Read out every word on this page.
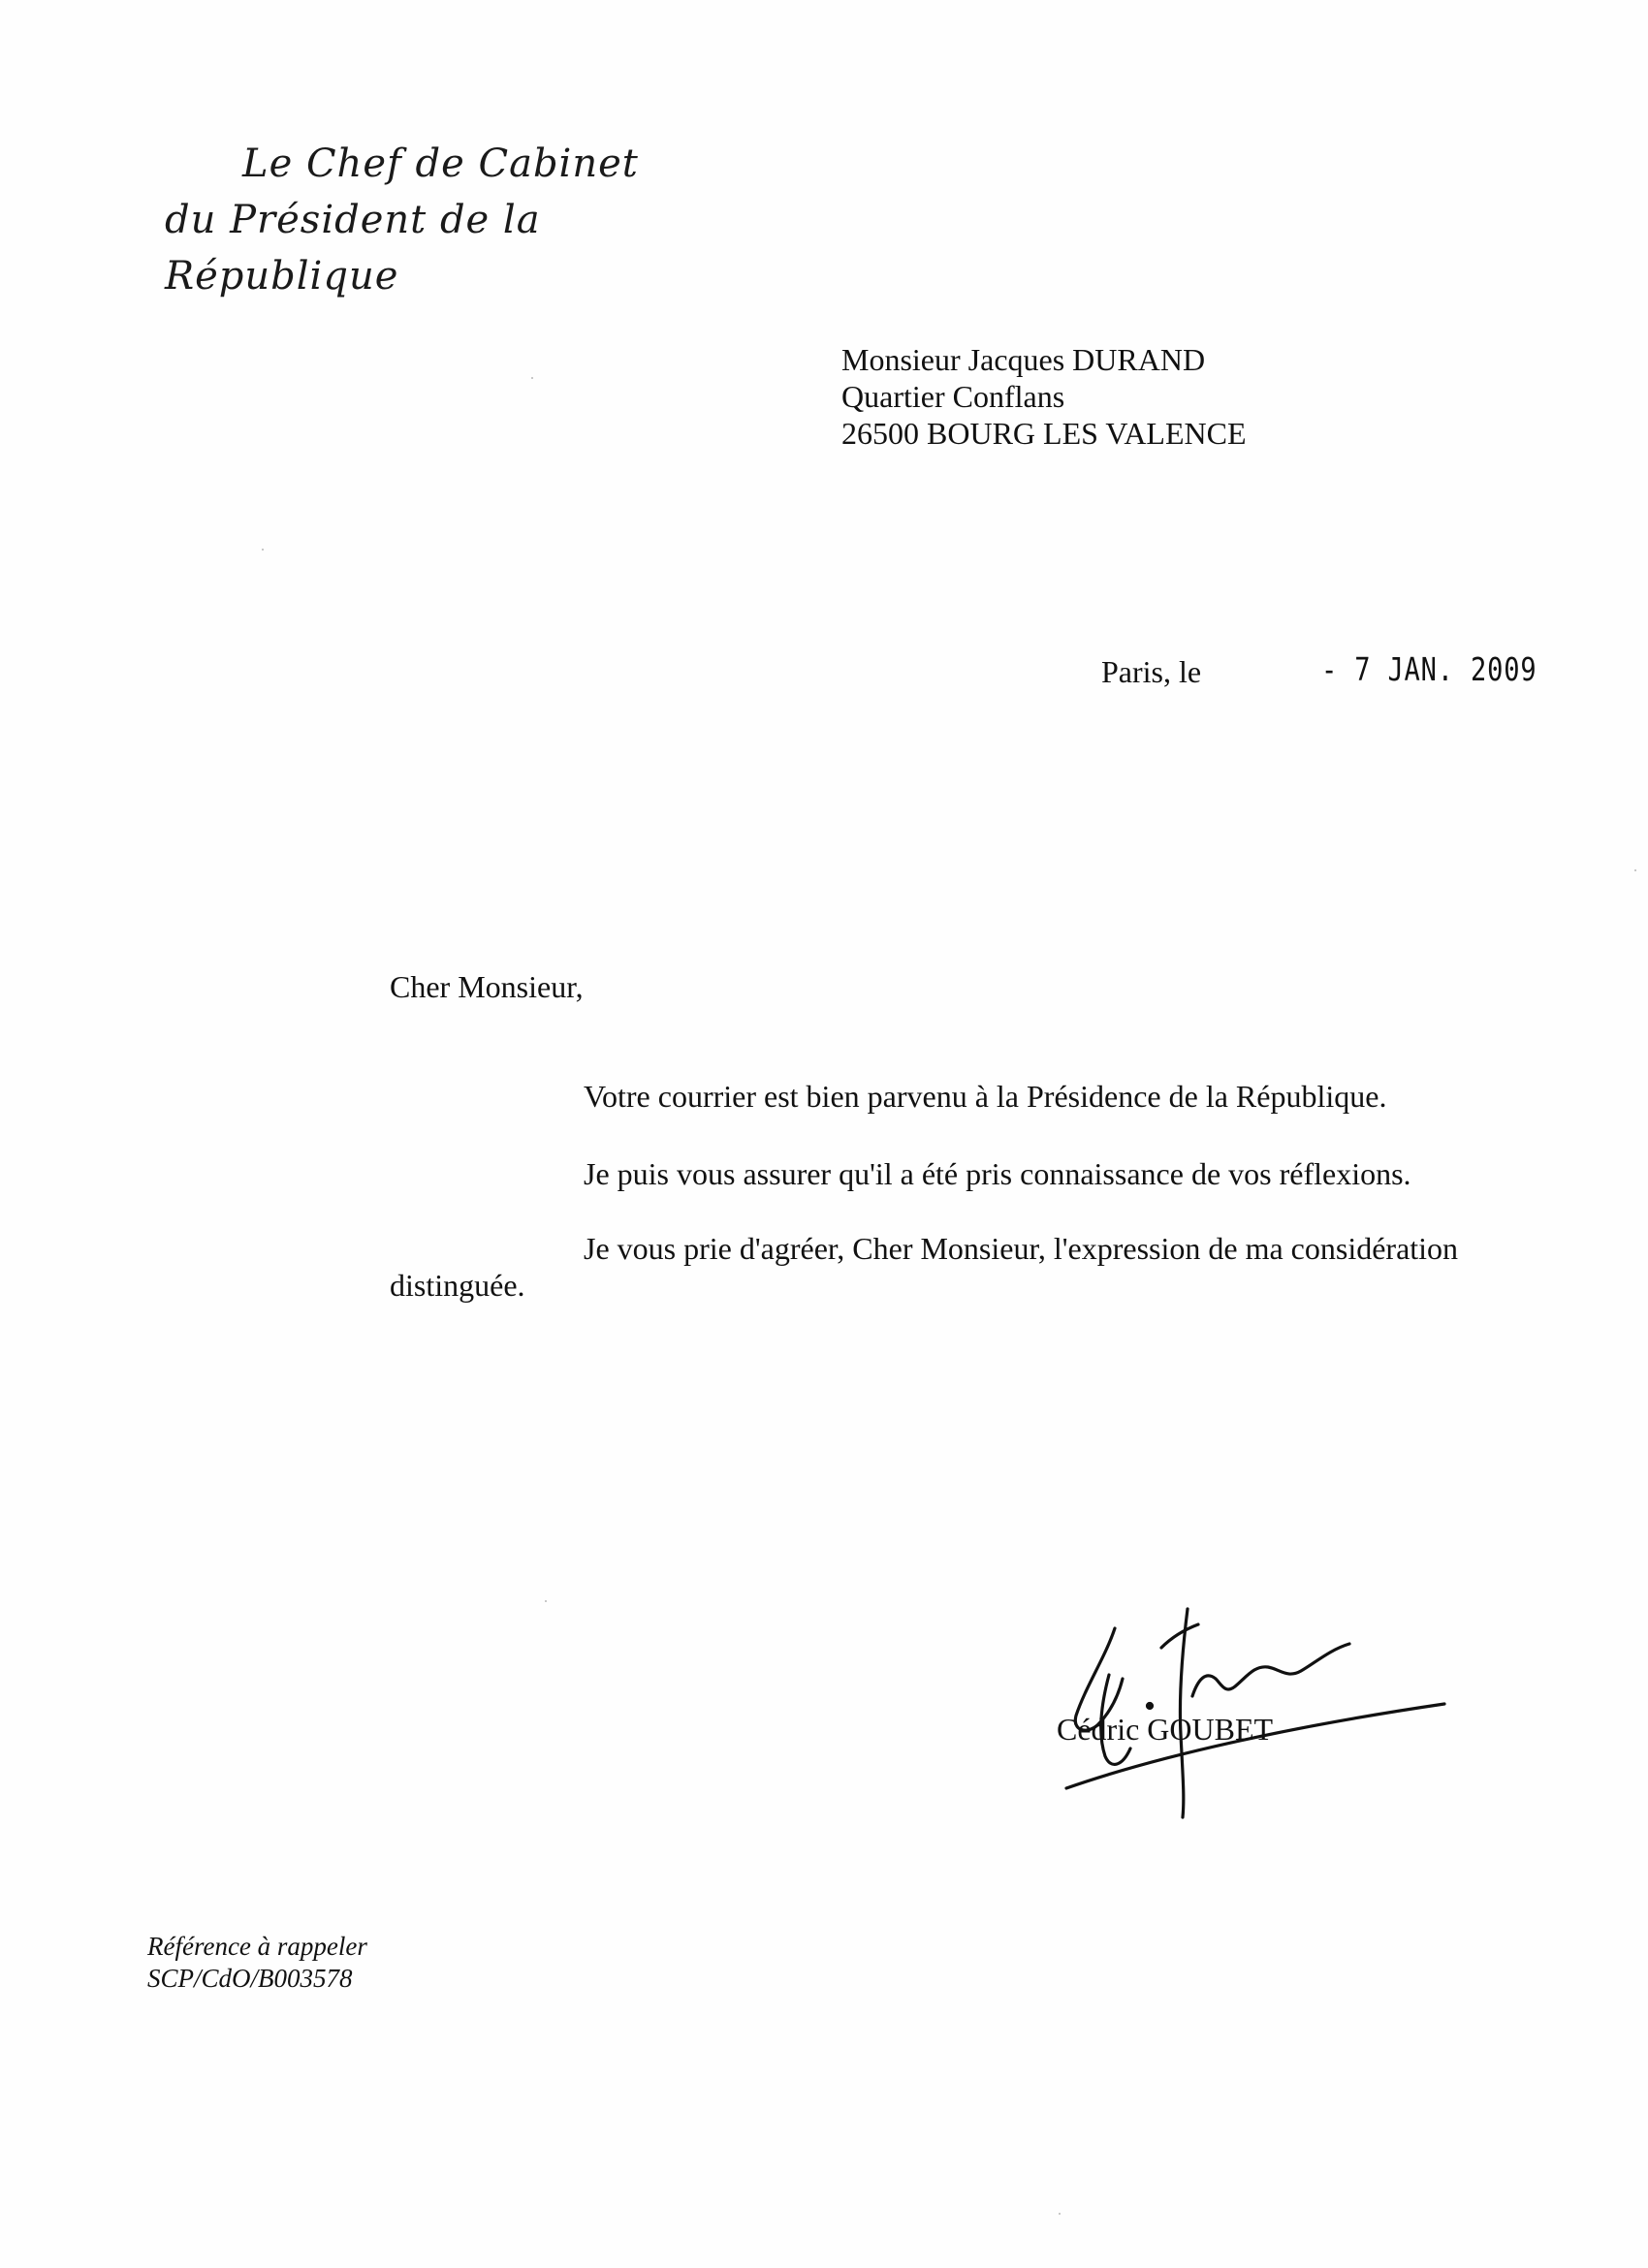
Le Chef de Cabinet
du Président de la République
Monsieur Jacques DURAND
Quartier Conflans
26500 BOURG LES VALENCE
Paris, le	- 7 JAN. 2009
Cher Monsieur,
Votre courrier est bien parvenu à la Présidence de la République.
Je puis vous assurer qu'il a été pris connaissance de vos réflexions.
Je vous prie d'agréer, Cher Monsieur, l'expression de ma considération
distinguée.
Cédric GOUBET
Référence à rappeler
SCP/CdO/B003578
